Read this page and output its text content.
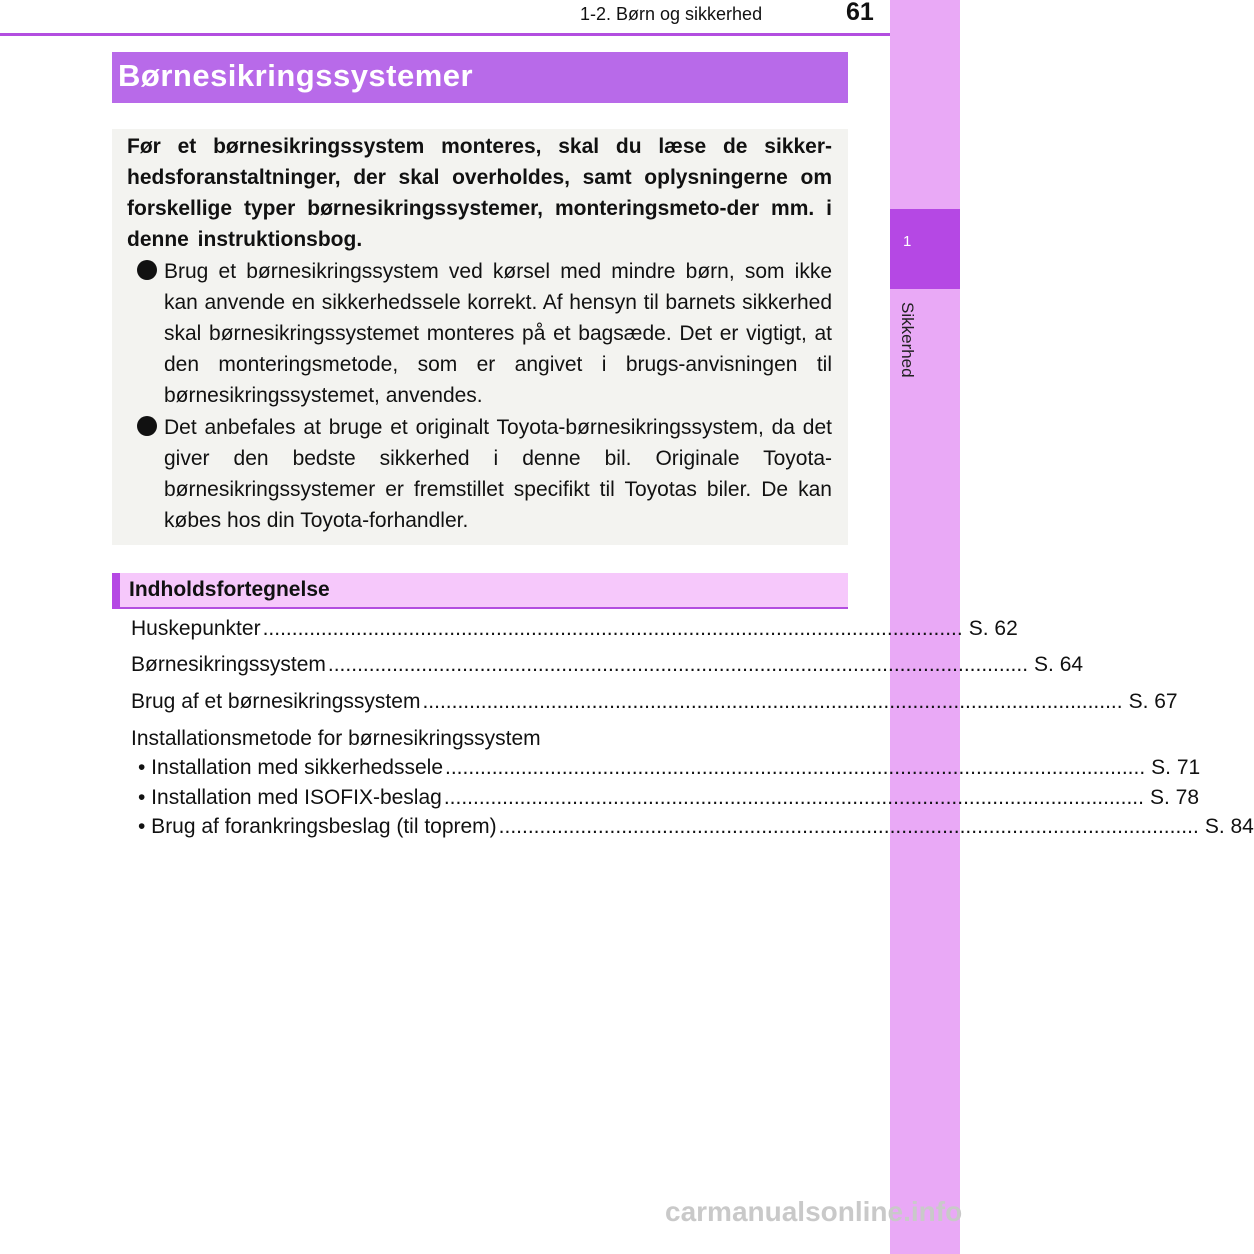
1-2. Børn og sikkerhed	61
1
Sikkerhed
Børnesikringssystemer
Før et børnesikringssystem monteres, skal du læse de sikker-hedsforanstaltninger, der skal overholdes, samt oplysningerne om forskellige typer børnesikringssystemer, monteringsmeto-der mm. i denne instruktionsbog.
Brug et børnesikringssystem ved kørsel med mindre børn, som ikke kan anvende en sikkerhedssele korrekt. Af hensyn til barnets sikkerhed skal børnesikringssystemet monteres på et bagsæde. Det er vigtigt, at den monteringsmetode, som er angivet i brugs-anvisningen til børnesikringssystemet, anvendes.
Det anbefales at bruge et originalt Toyota-børnesikringssystem, da det giver den bedste sikkerhed i denne bil. Originale Toyota-børnesikringssystemer er fremstillet specifikt til Toyotas biler. De kan købes hos din Toyota-forhandler.
Indholdsfortegnelse
Huskepunkter ........................................................................................................................ S. 62
Børnesikringssystem ........................................................................................................................ S. 64
Brug af et børnesikringssystem ........................................................................................................................ S. 67
Installationsmetode for børnesikringssystem
• Installation med sikkerhedssele ........................................................................................................................ S. 71
• Installation med ISOFIX-beslag ........................................................................................................................ S. 78
• Brug af forankringsbeslag (til toprem) ........................................................................................................................ S. 84
carmanualsonline.info
